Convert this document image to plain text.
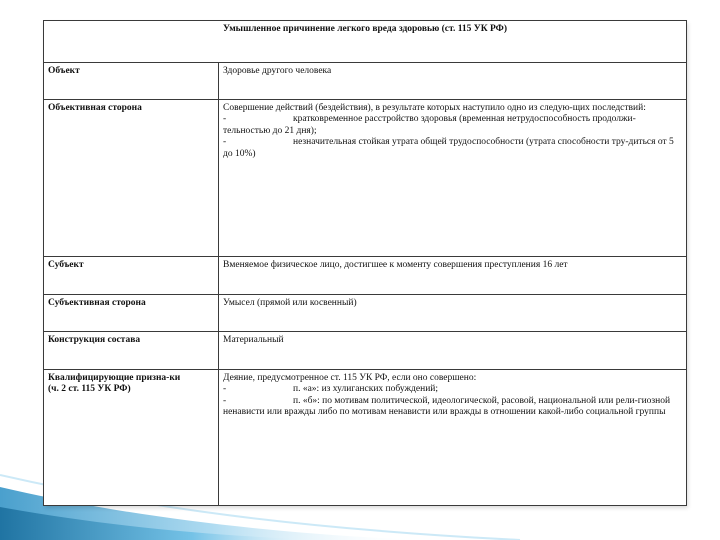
Умышленное причинение легкого вреда здоровью (ст. 115 УК РФ)	
Объект	Здоровье другого человека

Объективная сторона	Совершение действий (бездействия), в результате которых наступило одно из следую-щих последствий:
- кратковременное расстройство здоровья (временная нетрудоспособность продолжи-тельностью до 21 дня);
- незначительная стойкая утрата общей трудоспособности (утрата способности тру-диться от 5 до 10%)

Субъект	Вменяемое физическое лицо, достигшее к моменту совершения преступления 16 лет

Субъективная сторона	Умысел (прямой или косвенный)

Конструкция состава	Материальный

Квалифицирующие призна-ки
(ч. 2 ст. 115 УК РФ)	Деяние, предусмотренное ст. 115 УК РФ, если оно совершено:
- п. «а»: из хулиганских побуждений;
- п. «б»: по мотивам политической, идеологической, расовой, национальной или рели-гиозной ненависти или вражды либо по мотивам ненависти или вражды в отношении какой-либо социальной группы
